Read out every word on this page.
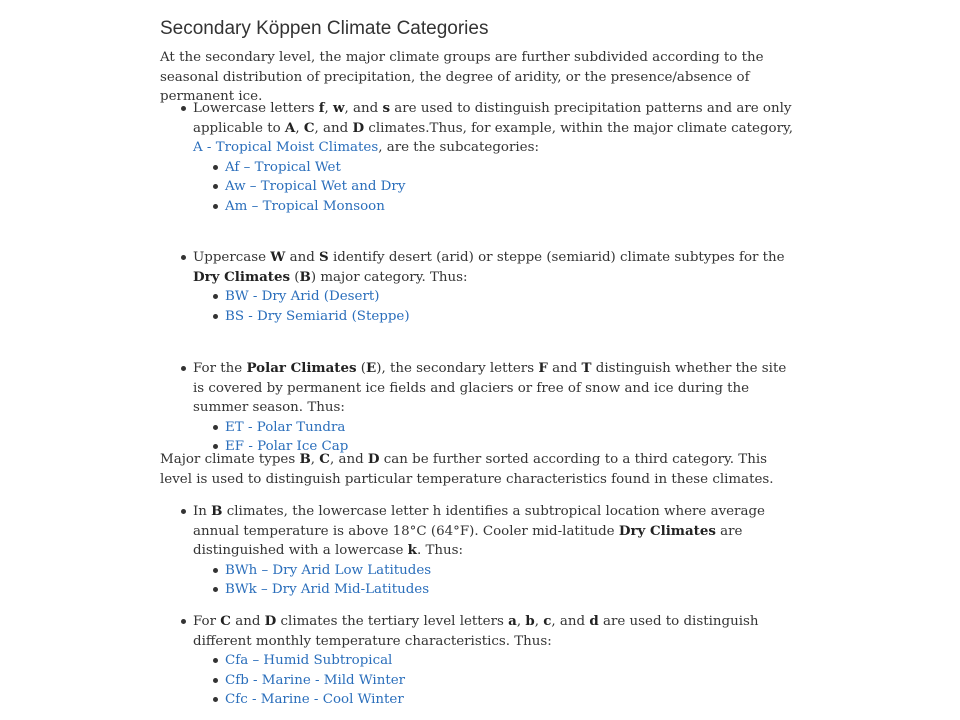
Secondary Köppen Climate Categories

At the secondary level, the major climate groups are further subdivided according to the seasonal distribution of precipitation, the degree of aridity, or the presence/absence of permanent ice.

Lowercase letters f, w, and s are used to distinguish precipitation patterns and are only applicable to A, C, and D climates.Thus, for example, within the major climate category, A - Tropical Moist Climates, are the subcategories:
Af – Tropical Wet
Aw – Tropical Wet and Dry
Am – Tropical Monsoon
Uppercase W and S identify desert (arid) or steppe (semiarid) climate subtypes for the Dry Climates (B) major category. Thus:
BW - Dry Arid (Desert)
BS - Dry Semiarid (Steppe)
For the Polar Climates (E), the secondary letters F and T distinguish whether the site is covered by permanent ice fields and glaciers or free of snow and ice during the summer season. Thus:
ET - Polar Tundra
EF - Polar Ice Cap

Major climate types B, C, and D can be further sorted according to a third category. This level is used to distinguish particular temperature characteristics found in these climates.

In B climates, the lowercase letter h identifies a subtropical location where average annual temperature is above 18°C (64°F). Cooler mid-latitude Dry Climates are distinguished with a lowercase k. Thus:
BWh – Dry Arid Low Latitudes
BWk – Dry Arid Mid-Latitudes
For C and D climates the tertiary level letters a, b, c, and d are used to distinguish different monthly temperature characteristics. Thus:
Cfa – Humid Subtropical
Cfb - Marine - Mild Winter
Cfc - Marine - Cool Winter
